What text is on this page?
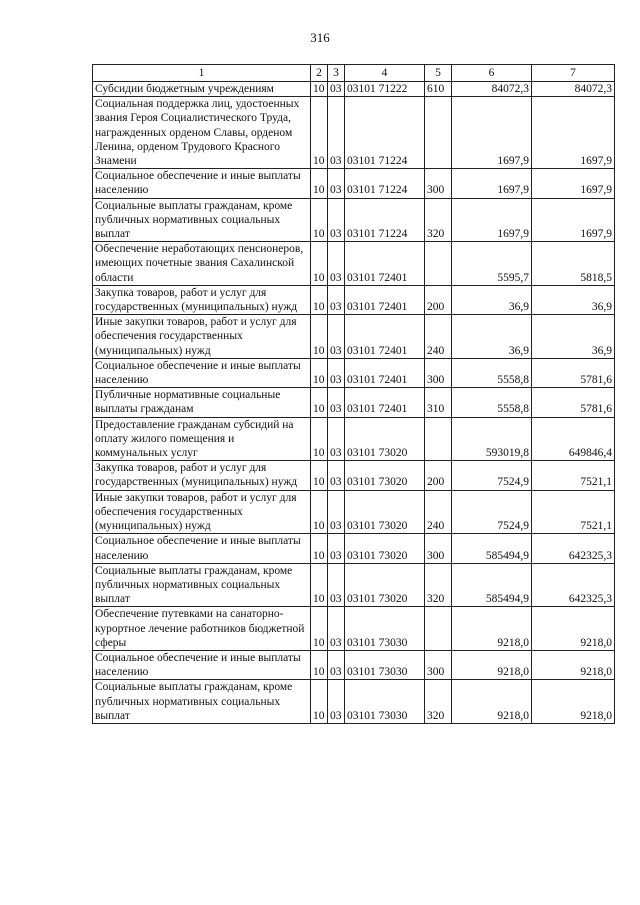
316
1	2	3	4	5	6	7
Субсидии бюджетным учреждениям	10	03	03101 71222	610	84072,3	84072,3
Социальная поддержка лиц, удостоенных звания Героя Социалистического Труда, награжденных орденом Славы, орденом Ленина, орденом Трудового Красного Знамени	10	03	03101 71224		1697,9	1697,9
Социальное обеспечение и иные выплаты населению	10	03	03101 71224	300	1697,9	1697,9
Социальные выплаты гражданам, кроме публичных нормативных социальных выплат	10	03	03101 71224	320	1697,9	1697,9
Обеспечение неработающих пенсионеров, имеющих почетные звания Сахалинской области	10	03	03101 72401		5595,7	5818,5
Закупка товаров, работ и услуг для государственных (муниципальных) нужд	10	03	03101 72401	200	36,9	36,9
Иные закупки товаров, работ и услуг для обеспечения государственных (муниципальных) нужд	10	03	03101 72401	240	36,9	36,9
Социальное обеспечение и иные выплаты населению	10	03	03101 72401	300	5558,8	5781,6
Публичные нормативные социальные выплаты гражданам	10	03	03101 72401	310	5558,8	5781,6
Предоставление гражданам субсидий на оплату жилого помещения и коммунальных услуг	10	03	03101 73020		593019,8	649846,4
Закупка товаров, работ и услуг для государственных (муниципальных) нужд	10	03	03101 73020	200	7524,9	7521,1
Иные закупки товаров, работ и услуг для обеспечения государственных (муниципальных) нужд	10	03	03101 73020	240	7524,9	7521,1
Социальное обеспечение и иные выплаты населению	10	03	03101 73020	300	585494,9	642325,3
Социальные выплаты гражданам, кроме публичных нормативных социальных выплат	10	03	03101 73020	320	585494,9	642325,3
Обеспечение путевками на санаторно-курортное лечение работников бюджетной сферы	10	03	03101 73030		9218,0	9218,0
Социальное обеспечение и иные выплаты населению	10	03	03101 73030	300	9218,0	9218,0
Социальные выплаты гражданам, кроме публичных нормативных социальных выплат	10	03	03101 73030	320	9218,0	9218,0
